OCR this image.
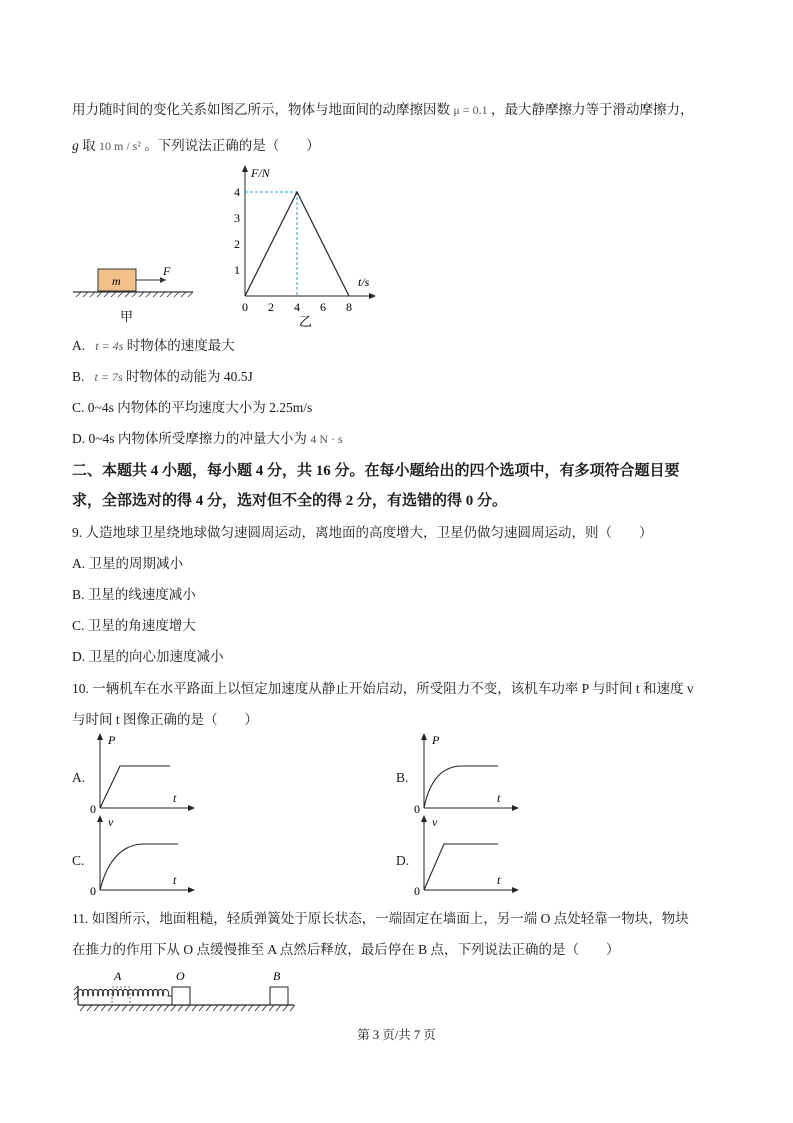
用力随时间的变化关系如图乙所示，物体与地面间的动摩擦因数 μ = 0.1 ，最大静摩擦力等于滑动摩擦力，
g 取 10 m / s² 。下列说法正确的是（　　）
m
F
甲
F/N
t/s
1
2
3
4
0 2 4 6 8
乙
A. t = 4s 时物体的速度最大
B. t = 7s 时物体的动能为 40.5J
C. 0~4s 内物体的平均速度大小为 2.25m/s
D. 0~4s 内物体所受摩擦力的冲量大小为 4 N · s
二、本题共 4 小题，每小题 4 分，共 16 分。在每小题给出的四个选项中，有多项符合题目要
求，全部选对的得 4 分，选对但不全的得 2 分，有选错的得 0 分。
9. 人造地球卫星绕地球做匀速圆周运动，离地面的高度增大，卫星仍做匀速圆周运动，则（　　）
A. 卫星的周期减小
B. 卫星的线速度减小
C. 卫星的角速度增大
D. 卫星的向心加速度减小
10. 一辆机车在水平路面上以恒定加速度从静止开始启动，所受阻力不变，该机车功率 P 与时间 t 和速度 v
与时间 t 图像正确的是（　　）
A.
P
t
0
B.
P
t
0
C.
v
t
0
D.
v
t
0
11. 如图所示，地面粗糙，轻质弹簧处于原长状态，一端固定在墙面上，另一端 O 点处轻靠一物块，物块
在推力的作用下从 O 点缓慢推至 A 点然后释放，最后停在 B 点，下列说法正确的是（　　）
A	O	B
第 3 页/共 7 页
